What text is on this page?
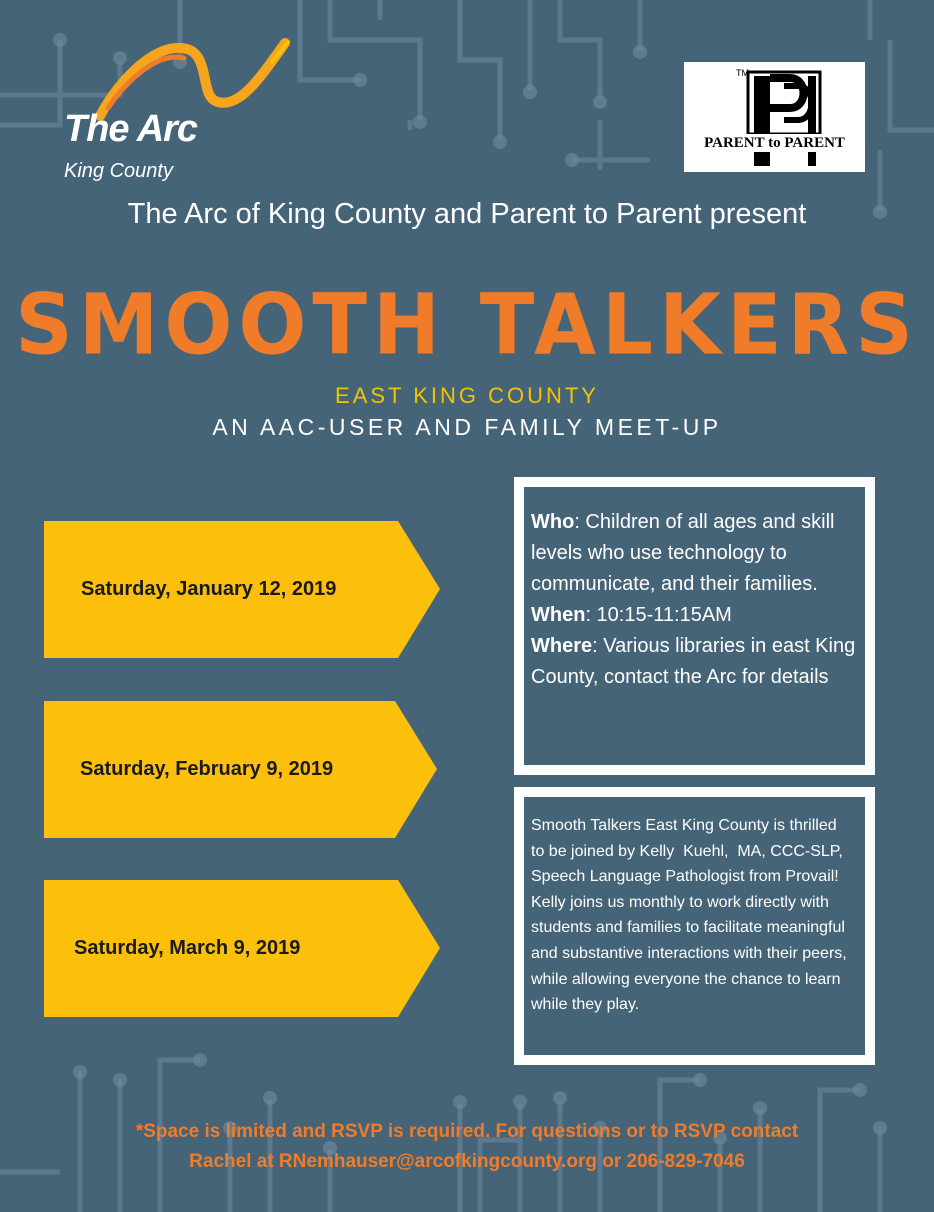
The Arc
King County
TM
PARENT to PARENT
The Arc of King County and Parent to Parent present
SMOOTH TALKERS
EAST KING COUNTY
AN AAC-USER AND FAMILY MEET-UP
Saturday, January 12, 2019
Saturday, February 9, 2019
Saturday, March 9, 2019
Who: Children of all ages and skill levels who use technology to communicate, and their families.
When: 10:15-11:15AM
Where: Various libraries in east King County, contact the Arc for details
Smooth Talkers East King County is thrilled to be joined by Kelly  Kuehl,  MA, CCC-SLP, Speech Language Pathologist from Provail! Kelly joins us monthly to work directly with students and families to facilitate meaningful and substantive interactions with their peers, while allowing everyone the chance to learn while they play.
*Space is limited and RSVP is required. For questions or to RSVP contact
Rachel at RNemhauser@arcofkingcounty.org or 206-829-7046
